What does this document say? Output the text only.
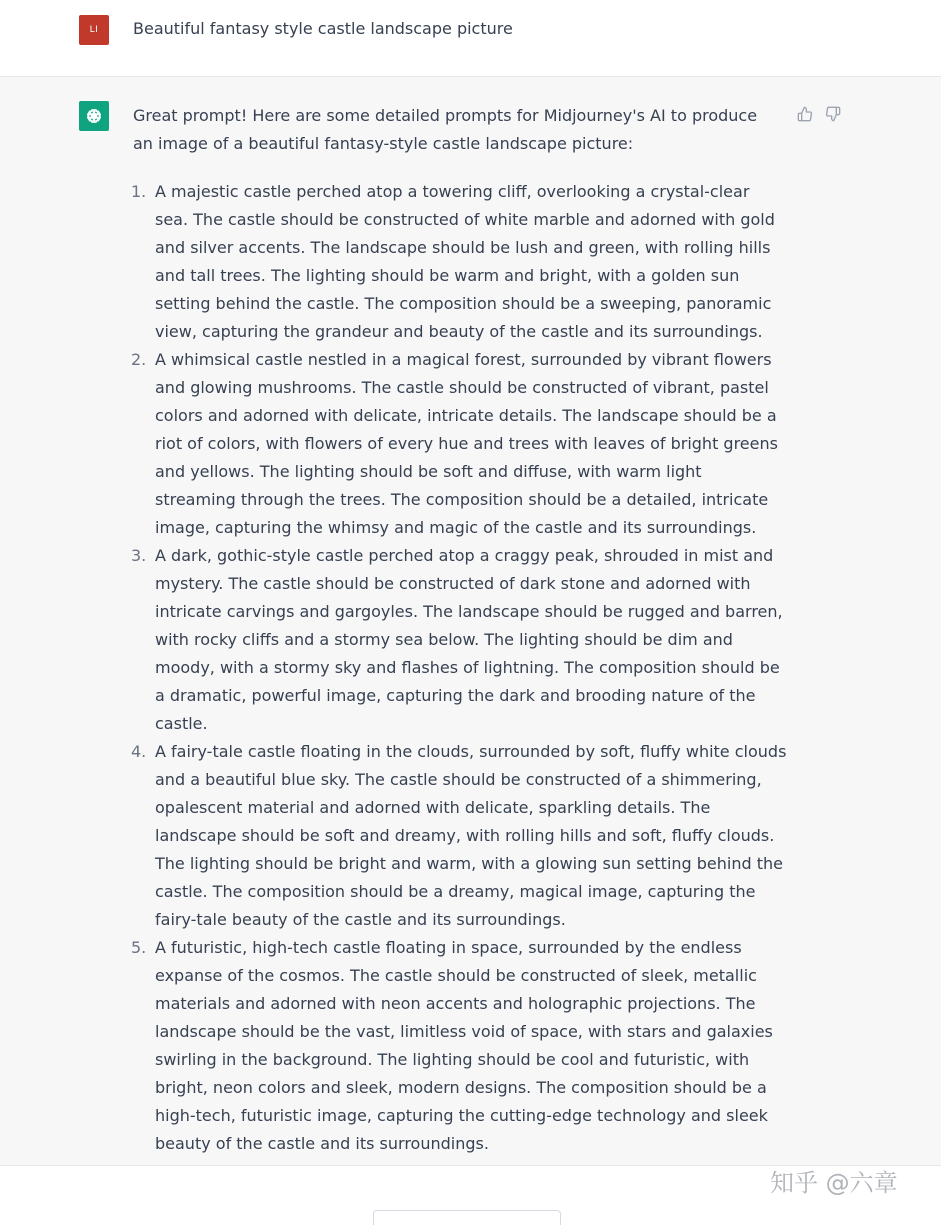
LI	Beautiful fantasy style castle landscape picture

Great prompt! Here are some detailed prompts for Midjourney's AI to produce an image of a beautiful fantasy-style castle landscape picture:

1. A majestic castle perched atop a towering cliff, overlooking a crystal-clear sea. The castle should be constructed of white marble and adorned with gold and silver accents. The landscape should be lush and green, with rolling hills and tall trees. The lighting should be warm and bright, with a golden sun setting behind the castle. The composition should be a sweeping, panoramic view, capturing the grandeur and beauty of the castle and its surroundings.
2. A whimsical castle nestled in a magical forest, surrounded by vibrant flowers and glowing mushrooms. The castle should be constructed of vibrant, pastel colors and adorned with delicate, intricate details. The landscape should be a riot of colors, with flowers of every hue and trees with leaves of bright greens and yellows. The lighting should be soft and diffuse, with warm light streaming through the trees. The composition should be a detailed, intricate image, capturing the whimsy and magic of the castle and its surroundings.
3. A dark, gothic-style castle perched atop a craggy peak, shrouded in mist and mystery. The castle should be constructed of dark stone and adorned with intricate carvings and gargoyles. The landscape should be rugged and barren, with rocky cliffs and a stormy sea below. The lighting should be dim and moody, with a stormy sky and flashes of lightning. The composition should be a dramatic, powerful image, capturing the dark and brooding nature of the castle.
4. A fairy-tale castle floating in the clouds, surrounded by soft, fluffy white clouds and a beautiful blue sky. The castle should be constructed of a shimmering, opalescent material and adorned with delicate, sparkling details. The landscape should be soft and dreamy, with rolling hills and soft, fluffy clouds. The lighting should be bright and warm, with a glowing sun setting behind the castle. The composition should be a dreamy, magical image, capturing the fairy-tale beauty of the castle and its surroundings.
5. A futuristic, high-tech castle floating in space, surrounded by the endless expanse of the cosmos. The castle should be constructed of sleek, metallic materials and adorned with neon accents and holographic projections. The landscape should be the vast, limitless void of space, with stars and galaxies swirling in the background. The lighting should be cool and futuristic, with bright, neon colors and sleek, modern designs. The composition should be a high-tech, futuristic image, capturing the cutting-edge technology and sleek beauty of the castle and its surroundings.
知乎 @六章
